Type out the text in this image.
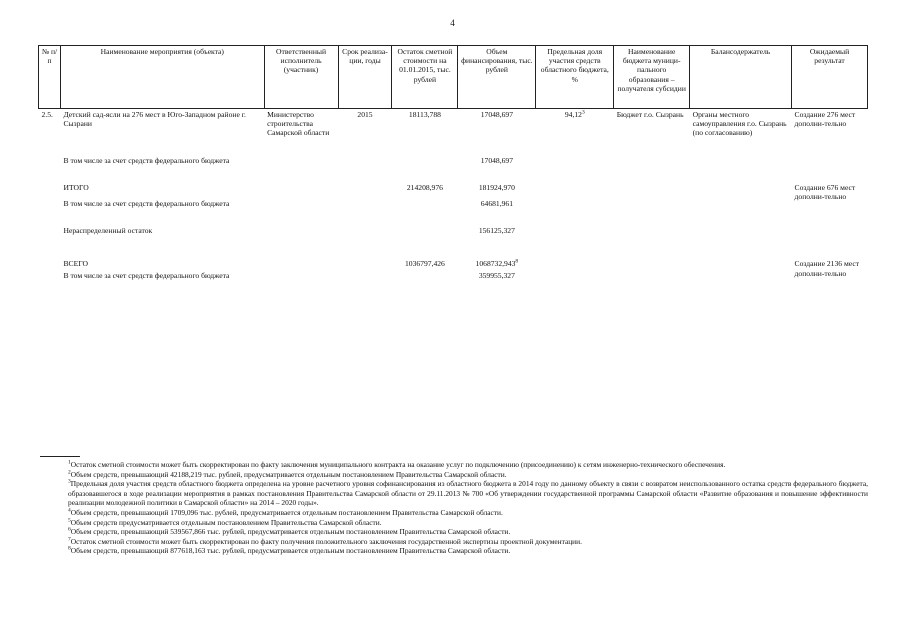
4
№ п/п	Наименование мероприятия (объекта)	Ответственный исполнитель (участник)	Срок реализа-ции, годы	Остаток сметной стоимости на 01.01.2015, тыс. рублей	Объем финансирования, тыс. рублей	Предельная доля участия средств областного бюджета, %	Наименование бюджета муници-пального образования – получателя субсидии	Балансодержатель	Ожидаемый результат
2.5.	Детский сад-ясли на 276 мест в Юго-Западном районе г. Сызрани	Министерство строительства Самарской области	2015	18113,788	17048,697	94,12$^3$	Бюджет г.о. Сызрань	Органы местного самоуправления г.о. Сызрань (по согласованию)	Создание 276 мест дополни-тельно

	В том числе за счет средств федерального бюджета				17048,697				

	ИТОГО			214208,976	181924,970				Создание 676 мест дополни-тельно
	В том числе за счет средств федерального бюджета				64681,961				

	Нераспределенный остаток				156125,327				

	ВСЕГО			1036797,426	1068732,943$^8$				Создание 2136 мест дополни-тельно
	В том числе за счет средств федерального бюджета				359955,327				

$^1$Остаток сметной стоимости может быть скорректирован по факту заключения муниципального контракта на оказание услуг по подключению (присоединению) к сетям инженерно-технического обеспечения.

$^2$Объем средств, превышающий 42188,219 тыс. рублей, предусматривается отдельным постановлением Правительства Самарской области.

$^3$Предельная доля участия средств областного бюджета определена на уровне расчетного уровня софинансирования из областного бюджета в 2014 году по данному объекту в связи с возвратом неиспользованного остатка средств федерального бюджета, образовавшегося в ходе реализации мероприятия в рамках постановления Правительства Самарской области от 29.11.2013 № 700 «Об утверждении государственной программы Самарской области «Развитие образования и повышение эффективности реализации молодежной политики в Самарской области» на 2014 – 2020 годы».

$^4$Объем средств, превышающий 1709,096 тыс. рублей, предусматривается отдельным постановлением Правительства Самарской области.

$^5$Объем средств предусматривается отдельным постановлением Правительства Самарской области.

$^6$Объем средств, превышающий 539567,866 тыс. рублей, предусматривается отдельным постановлением Правительства Самарской области.

$^7$Остаток сметной стоимости может быть скорректирован по факту получения положительного заключения государственной экспертизы проектной документации.

$^8$Объем средств, превышающий 877618,163 тыс. рублей, предусматривается отдельным постановлением Правительства Самарской области.
